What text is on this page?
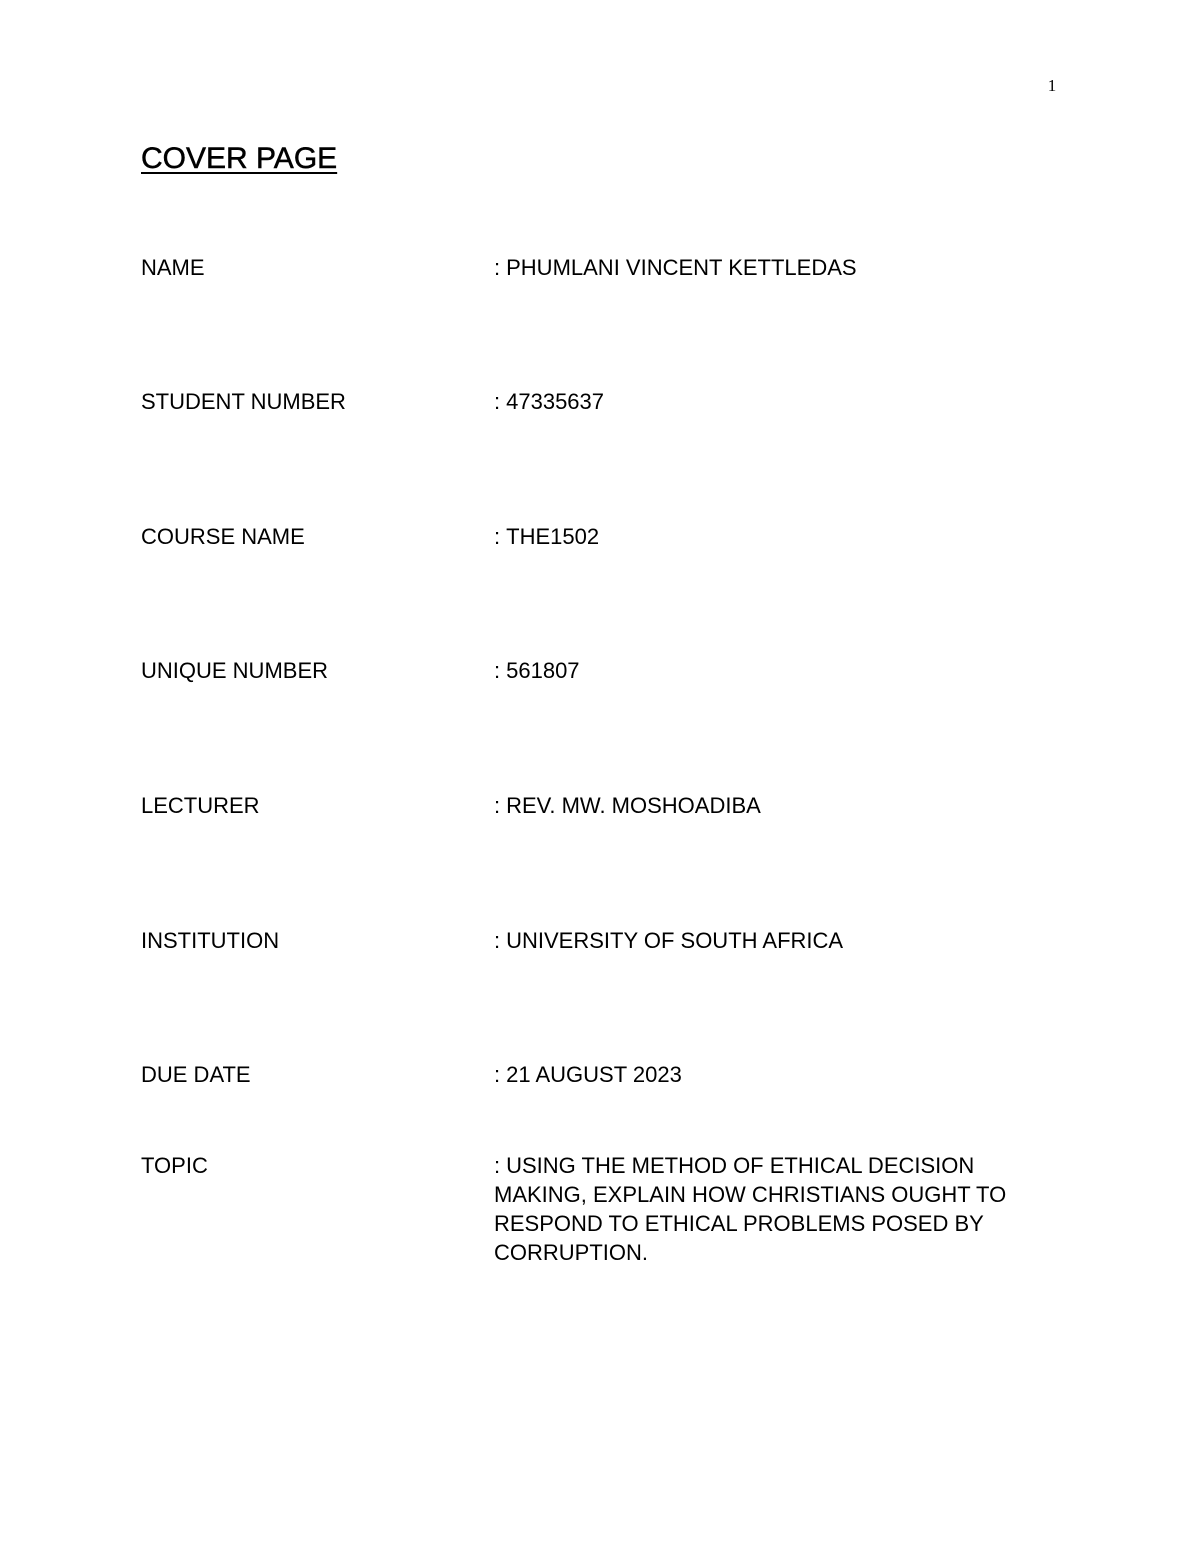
1
COVER PAGE
NAME	: PHUMLANI VINCENT KETTLEDAS
STUDENT NUMBER	: 47335637
COURSE NAME	: THE1502
UNIQUE NUMBER	: 561807
LECTURER	: REV. MW. MOSHOADIBA
INSTITUTION	: UNIVERSITY OF SOUTH AFRICA
DUE DATE	: 21 AUGUST 2023
TOPIC	: USING THE METHOD OF ETHICAL DECISION MAKING, EXPLAIN HOW CHRISTIANS OUGHT TO RESPOND TO ETHICAL PROBLEMS POSED BY CORRUPTION.
